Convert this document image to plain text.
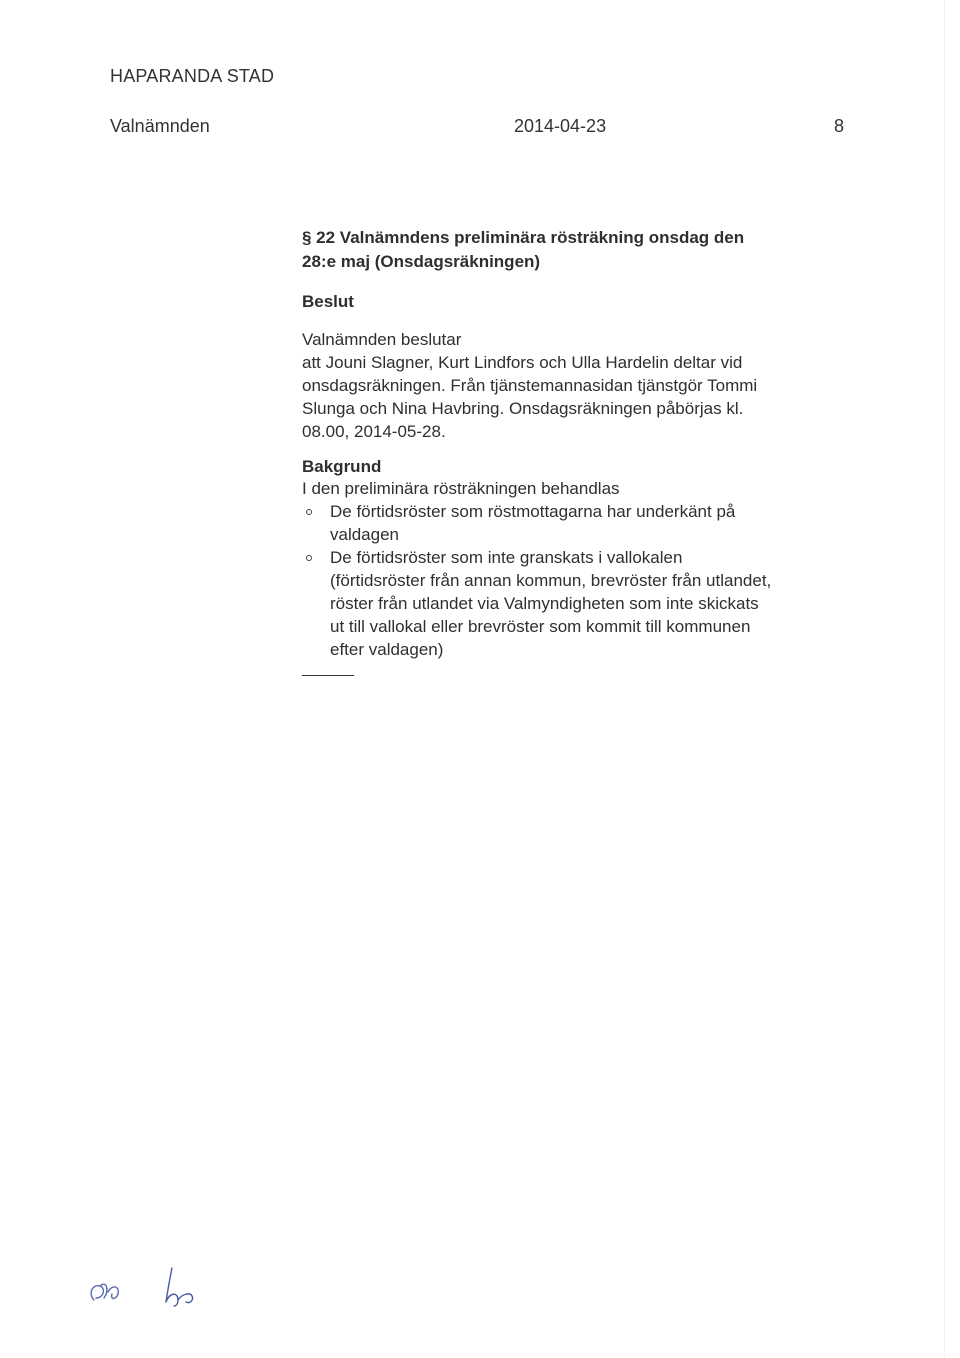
HAPARANDA STAD
Valnämnden	2014-04-23	8

§ 22 Valnämndens preliminära rösträkning onsdag den

28:e maj (Onsdagsräkningen)

Beslut

Valnämnden beslutar

att Jouni Slagner, Kurt Lindfors och Ulla Hardelin deltar vid

onsdagsräkningen. Från tjänstemannasidan tjänstgör Tommi

Slunga och Nina Havbring. Onsdagsräkningen påbörjas kl.

08.00, 2014-05-28.

Bakgrund

I den preliminära rösträkningen behandlas

De förtidsröster som röstmottagarna har underkänt på
valdagen
De förtidsröster som inte granskats i vallokalen
(förtidsröster från annan kommun, brevröster från utlandet,
röster från utlandet via Valmyndigheten som inte skickats
ut till vallokal eller brevröster som kommit till kommunen
efter valdagen)
